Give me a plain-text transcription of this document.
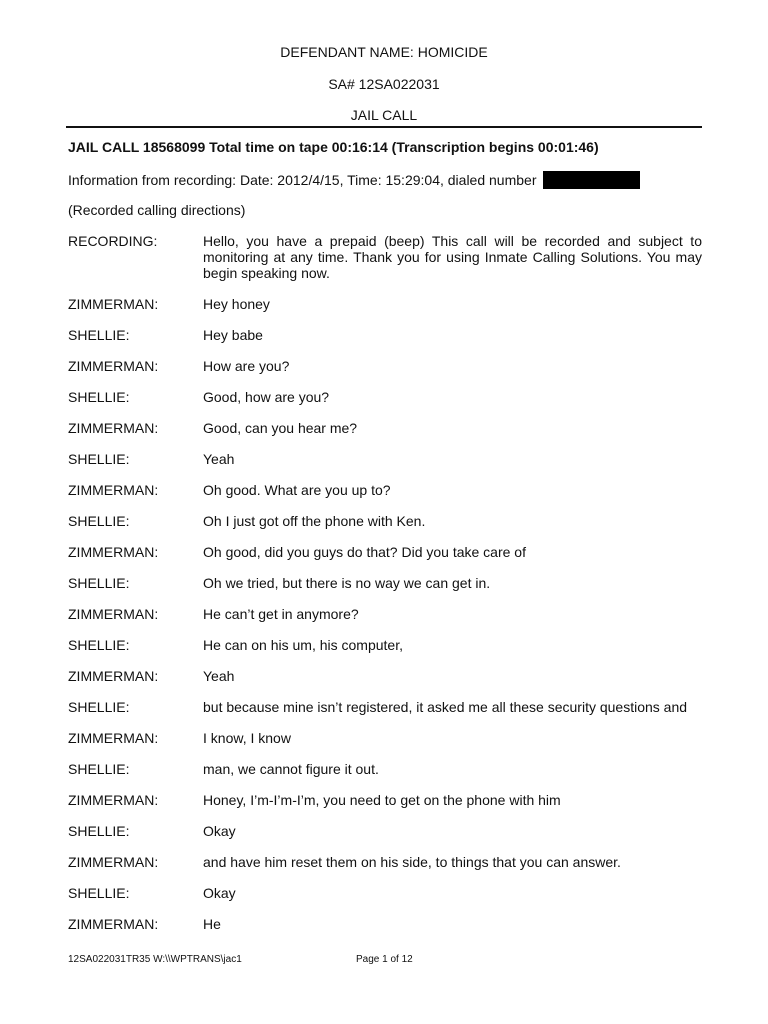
DEFENDANT NAME: HOMICIDE
SA# 12SA022031
JAIL CALL
JAIL CALL 18568099 Total time on tape 00:16:14 (Transcription begins 00:01:46)
Information from recording: Date: 2012/4/15, Time: 15:29:04, dialed number
(Recorded calling directions)
RECORDING:	Hello, you have a prepaid (beep) This call will be recorded and subject to monitoring at any time. Thank you for using Inmate Calling Solutions. You may begin speaking now.
ZIMMERMAN:	Hey honey
SHELLIE:	Hey babe
ZIMMERMAN:	How are you?
SHELLIE:	Good, how are you?
ZIMMERMAN:	Good, can you hear me?
SHELLIE:	Yeah
ZIMMERMAN:	Oh good. What are you up to?
SHELLIE:	Oh I just got off the phone with Ken.
ZIMMERMAN:	Oh good, did you guys do that? Did you take care of
SHELLIE:	Oh we tried, but there is no way we can get in.
ZIMMERMAN:	He can’t get in anymore?
SHELLIE:	He can on his um, his computer,
ZIMMERMAN:	Yeah
SHELLIE:	but because mine isn’t registered, it asked me all these security questions and
ZIMMERMAN:	I know, I know
SHELLIE:	man, we cannot figure it out.
ZIMMERMAN:	Honey, I’m-I’m-I’m, you need to get on the phone with him
SHELLIE:	Okay
ZIMMERMAN:	and have him reset them on his side, to things that you can answer.
SHELLIE:	Okay
ZIMMERMAN:	He
12SA022031TR35 W:\\WPTRANS\jac1	Page 1 of 12
